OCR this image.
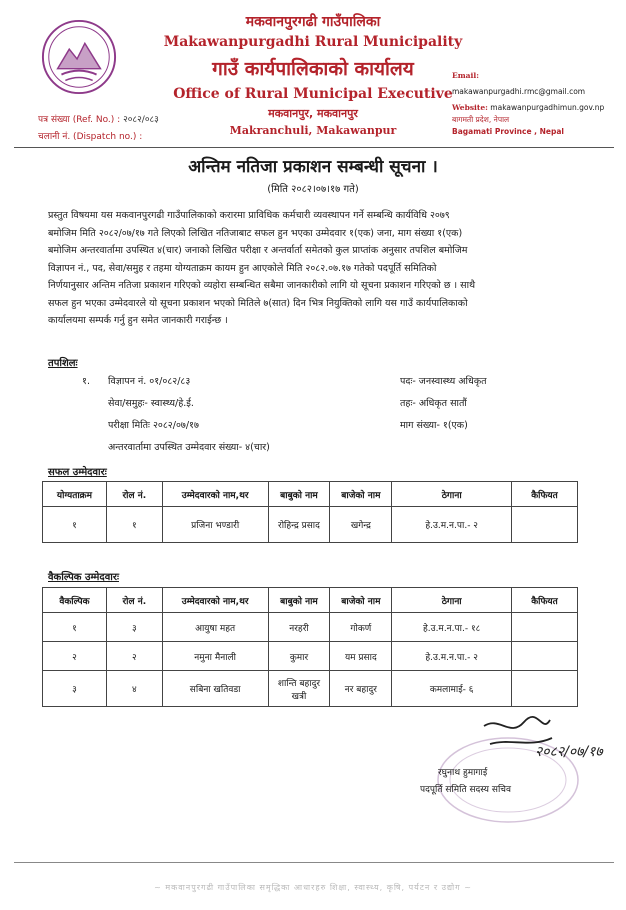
मकवानपुरगढी गाउँपालिका
Makawanpurgadhi Rural Municipality
गाउँ कार्यपालिकाको कार्यालय
Office of Rural Municipal Executive
मकवानपुर, मकवानपुर
Makranchuli, Makawanpur
Email:
makawanpurgadhi.rmc@gmail.com
Website: makawanpurgadhimun.gov.np
बागमती प्रदेश, नेपाल
Bagamati Province , Nepal
पत्र संख्या (Ref. No.) : २०८२/०८३
चलानी नं. (Dispatch no.) :
अन्तिम नतिजा प्रकाशन सम्बन्धी सूचना ।
(मिति २०८२।०७।१७ गते)
प्रस्तुत विषयमा यस मकवानपुरगढी गाउँपालिकाको करारमा प्राविधिक कर्मचारी व्यवस्थापन गर्ने सम्बन्धि कार्यविधि २०७९
बमोजिम मिति २०८२/०७/१७ गते लिएको लिखित नतिजाबाट सफल हुन भएका उम्मेदवार १(एक) जना, माग संख्या १(एक)
बमोजिम अन्तरवार्तामा उपस्थित ४(चार) जनाको लिखित परीक्षा र अन्तर्वार्ता समेतको कुल प्राप्तांक अनुसार तपशिल बमोजिम
विज्ञापन नं., पद, सेवा/समुह र तहमा योग्यताक्रम कायम हुन आएकोले मिति २०८२.०७.१७ गतेको पदपूर्ति समितिको
निर्णयानुसार अन्तिम नतिजा प्रकाशन गरिएको व्यहोरा सम्बन्धित सबैमा जानकारीको लागि यो सूचना प्रकाशन गरिएको छ । साथै
सफल हुन भएका उम्मेदवारले यो सूचना प्रकाशन भएको मितिले ७(सात) दिन भित्र नियुक्तिको लागि यस गाउँ कार्यपालिकाको
कार्यालयमा सम्पर्क गर्नु हुन समेत जानकारी गराईन्छ ।
तपशिलः
१. विज्ञापन नं. ०१/०८२/८३
सेवा/समुहः- स्वास्थ्य/हे.ई.
परीक्षा मितिः २०८२/०७/१७
अन्तरवार्तामा उपस्थित उम्मेदवार संख्या- ४(चार)
पदः- जनस्वास्थ्य अधिकृत
तहः- अधिकृत सातौं
माग संख्या- १(एक)
सफल उम्मेदवारः
योग्यताक्रम	रोल नं.	उम्मेदवारको नाम,थर	बाबुको नाम	बाजेको नाम	ठेगाना	कैफियत
१	१	प्रजिना भण्डारी	रोहिन्द्र प्रसाद	खगेन्द्र	हे.उ.म.न.पा.- २	
वैकल्पिक उम्मेदवारः
वैकल्पिक	रोल नं.	उम्मेदवारको नाम,थर	बाबुको नाम	बाजेको नाम	ठेगाना	कैफियत
१	३	आयुषा महत	नरहरी	गोकर्ण	हे.उ.म.न.पा.- १८	
२	२	नमुना मैनाली	कुमार	यम प्रसाद	हे.उ.म.न.पा.- २	
३	४	सबिना खतिवडा	शान्ति बहादुर खत्री	नर बहादुर	कमलामाई- ६	
२०८२/०७/१७
रघुनाथ हुमागाई
पदपूर्ति समिति सदस्य सचिव
~ मकवानपुरगढी गाउँपालिका समृद्धिका आधारहरु शिक्षा, स्वास्थ्य, कृषि, पर्यटन र उद्योग ~
